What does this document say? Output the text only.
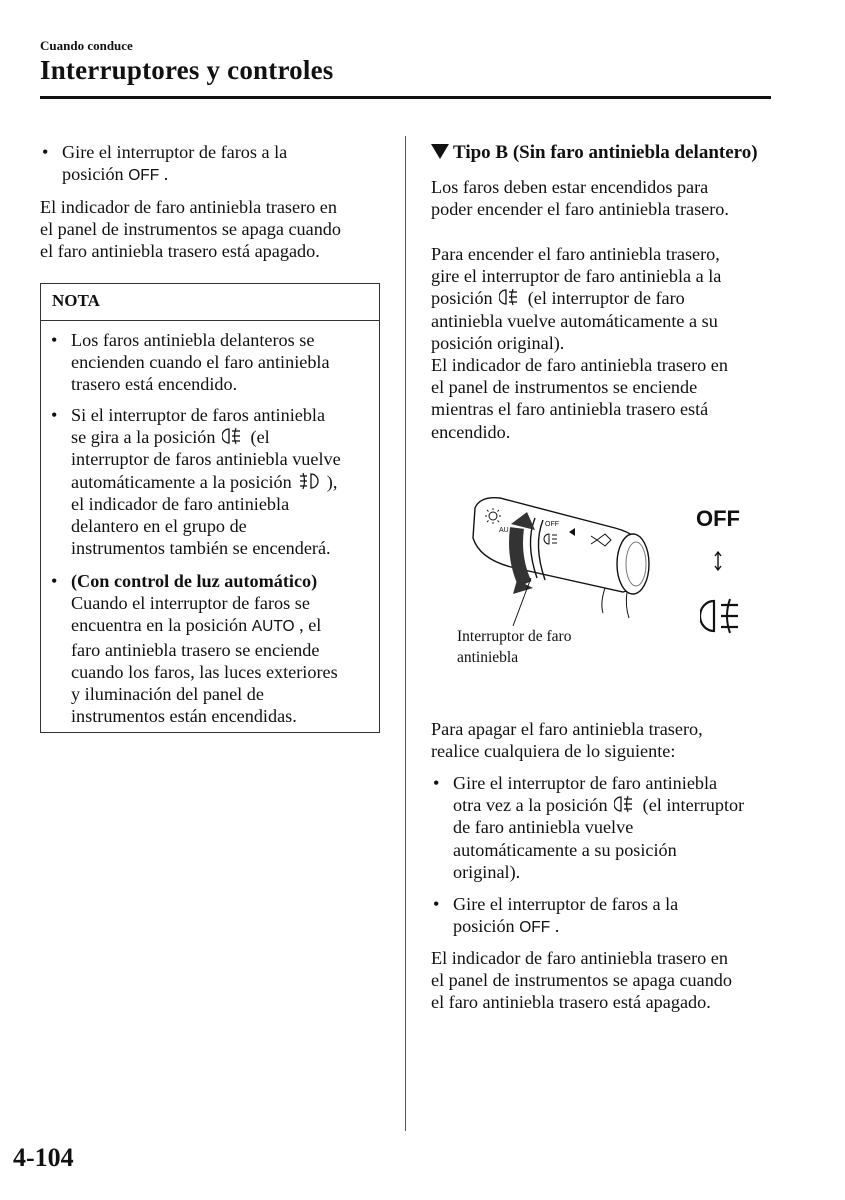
Cuando conduce
Interruptores y controles
• Gire el interruptor de faros a la
posición OFF .
El indicador de faro antiniebla trasero en
el panel de instrumentos se apaga cuando
el faro antiniebla trasero está apagado.
NOTA
• Los faros antiniebla delanteros se
encienden cuando el faro antiniebla
trasero está encendido.
• Si el interruptor de faros antiniebla
se gira a la posición (el
interruptor de faros antiniebla vuelve
automáticamente a la posición ),
el indicador de faro antiniebla
delantero en el grupo de
instrumentos también se encenderá.
• (Con control de luz automático)
Cuando el interruptor de faros se
encuentra en la posición AUTO , el
faro antiniebla trasero se enciende
cuando los faros, las luces exteriores
y iluminación del panel de
instrumentos están encendidas.
Tipo B (Sin faro antiniebla delantero)
Los faros deben estar encendidos para
poder encender el faro antiniebla trasero.
Para encender el faro antiniebla trasero,
gire el interruptor de faro antiniebla a la
posición (el interruptor de faro
antiniebla vuelve automáticamente a su
posición original).
El indicador de faro antiniebla trasero en
el panel de instrumentos se enciende
mientras el faro antiniebla trasero está
encendido.
OFF
AU	OFF
Interruptor de faro
antiniebla
Para apagar el faro antiniebla trasero,
realice cualquiera de lo siguiente:
• Gire el interruptor de faro antiniebla
otra vez a la posición (el interruptor
de faro antiniebla vuelve
automáticamente a su posición
original).
• Gire el interruptor de faros a la
posición OFF .
El indicador de faro antiniebla trasero en
el panel de instrumentos se apaga cuando
el faro antiniebla trasero está apagado.
4-104
